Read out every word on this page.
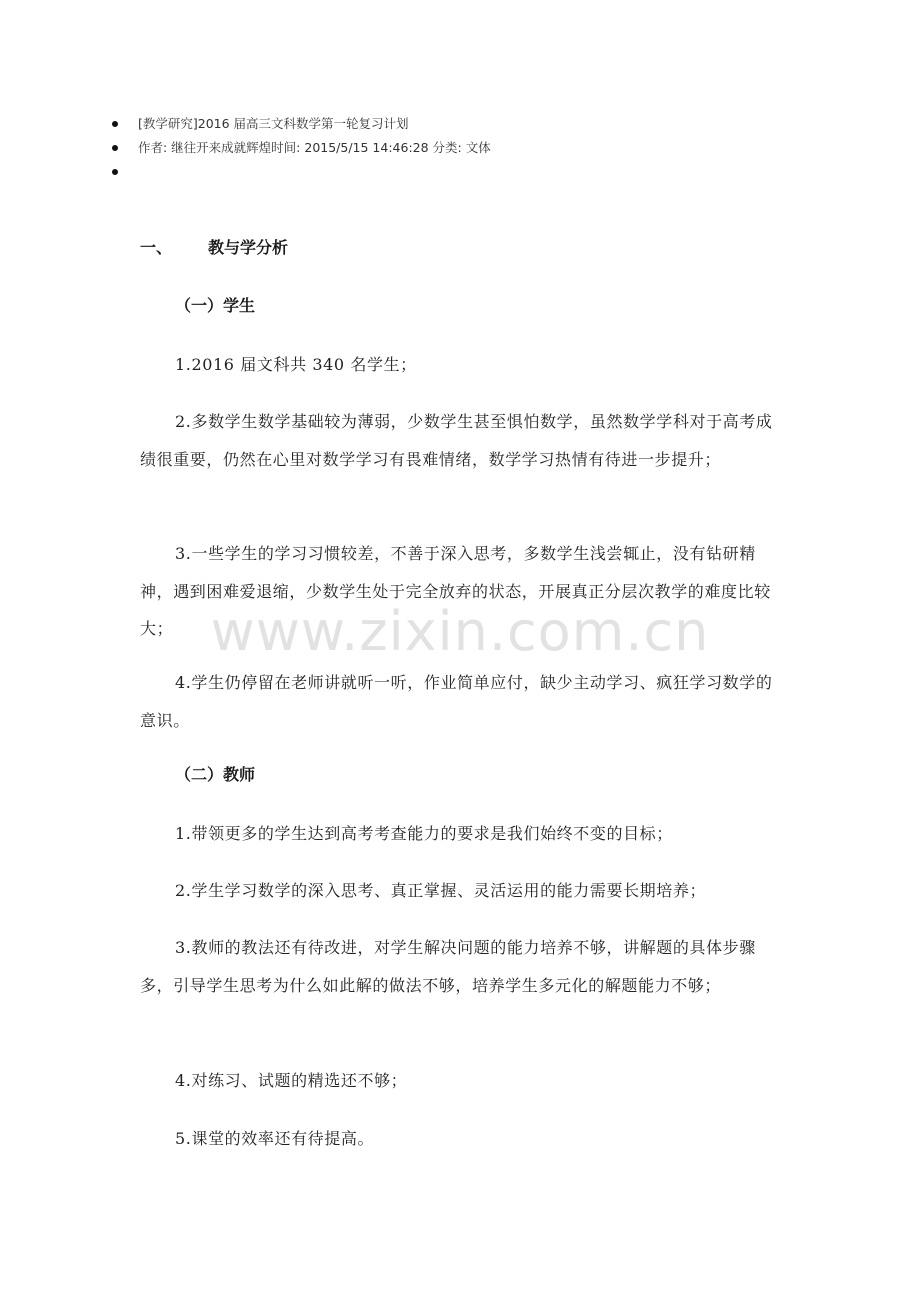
[教学研究]2016 届高三文科数学第一轮复习计划
作者: 继往开来成就辉煌时间: 2015/5/15 14:46:28 分类: 文体
一、 教与学分析
（一）学生

1.2016 届文科共 340 名学生；

2.多数学生数学基础较为薄弱，少数学生甚至惧怕数学，虽然数学学科对于高考成绩很重要，仍然在心里对数学学习有畏难情绪，数学学习热情有待进一步提升；

3.一些学生的学习习惯较差，不善于深入思考，多数学生浅尝辄止，没有钻研精神，遇到困难爱退缩，少数学生处于完全放弃的状态，开展真正分层次教学的难度比较大；

4.学生仍停留在老师讲就听一听，作业简单应付，缺少主动学习、疯狂学习数学的意识。

（二）教师

1.带领更多的学生达到高考考查能力的要求是我们始终不变的目标；

2.学生学习数学的深入思考、真正掌握、灵活运用的能力需要长期培养；

3.教师的教法还有待改进，对学生解决问题的能力培养不够，讲解题的具体步骤多，引导学生思考为什么如此解的做法不够，培养学生多元化的解题能力不够；

4.对练习、试题的精选还不够；

5.课堂的效率还有待提高。

www.zixin.com.cn
